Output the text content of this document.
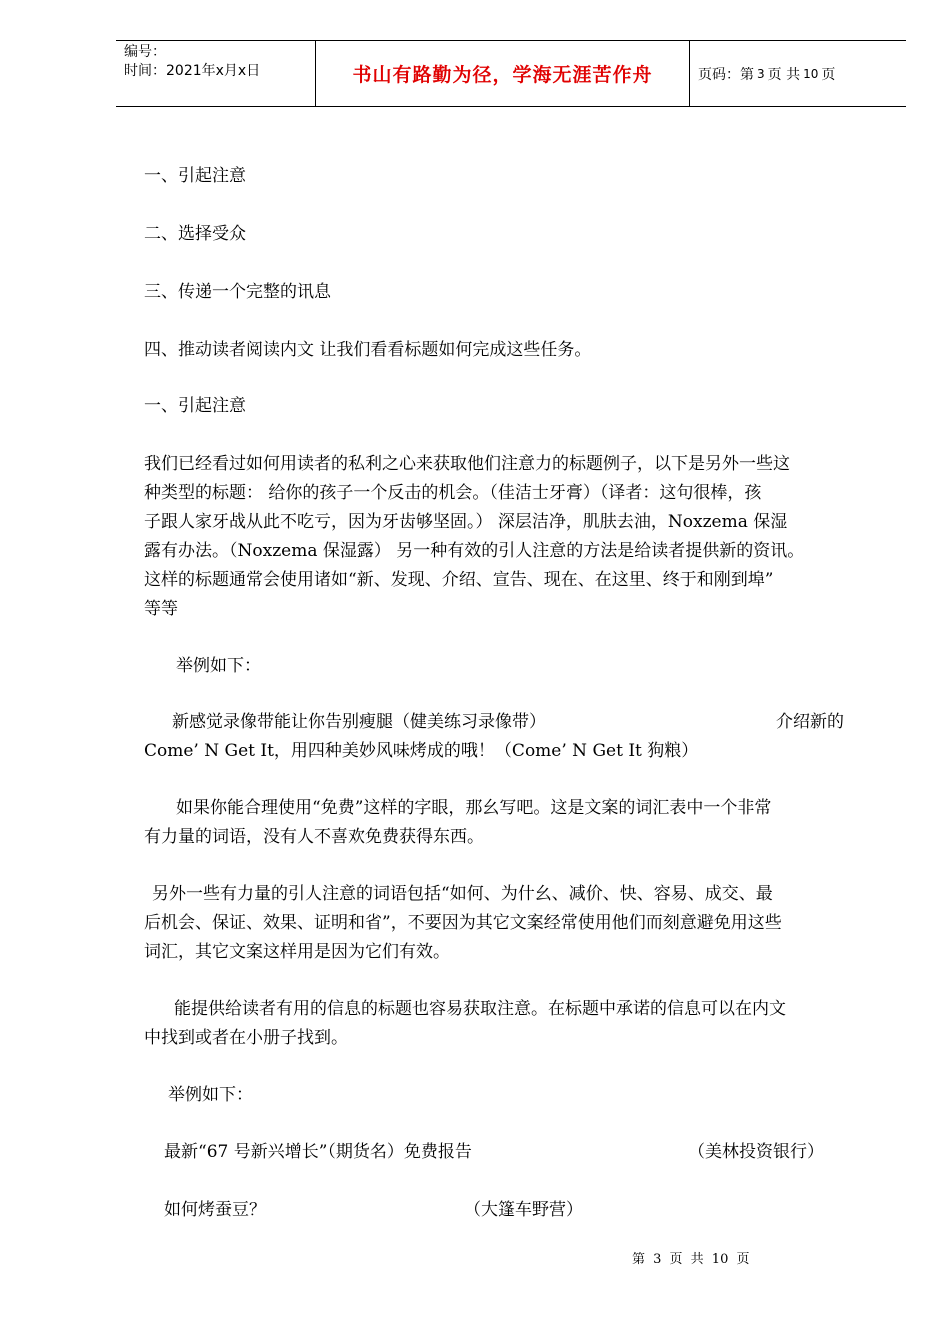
编号：
时间：2021年x月x日	书山有路勤为径，学海无涯苦作舟	页码：第 3 页 共 10 页

一、引起注意

二、选择受众

三、传递一个完整的讯息

四、推动读者阅读内文 让我们看看标题如何完成这些任务。

一、引起注意

我们已经看过如何用读者的私利之心来获取他们注意力的标题例子，以下是另外一些这

种类型的标题： 给你的孩子一个反击的机会。（佳洁士牙膏）（译者：这句很棒，孩

子跟人家牙战从此不吃亏，因为牙齿够坚固。） 深层洁净，肌肤去油，Noxzema 保湿

露有办法。（Noxzema 保湿露） 另一种有效的引人注意的方法是给读者提供新的资讯。

这样的标题通常会使用诸如“新、发现、介绍、宣告、现在、在这里、终于和刚到埠”

等等

举例如下：

新感觉录像带能让你告别瘦腿（健美练习录像带）	介绍新的

Come’ N Get It，用四种美妙风味烤成的哦！（Come’ N Get It 狗粮）

如果你能合理使用“免费”这样的字眼，那幺写吧。这是文案的词汇表中一个非常

有力量的词语，没有人不喜欢免费获得东西。

另外一些有力量的引人注意的词语包括“如何、为什幺、减价、快、容易、成交、最

后机会、保证、效果、证明和省”，不要因为其它文案经常使用他们而刻意避免用这些

词汇，其它文案这样用是因为它们有效。

能提供给读者有用的信息的标题也容易获取注意。在标题中承诺的信息可以在内文

中找到或者在小册子找到。

举例如下：

最新“67 号新兴增长”（期货名）免费报告	（美林投资银行）

如何烤蚕豆？	（大篷车野营）

第 3 页 共 10 页
